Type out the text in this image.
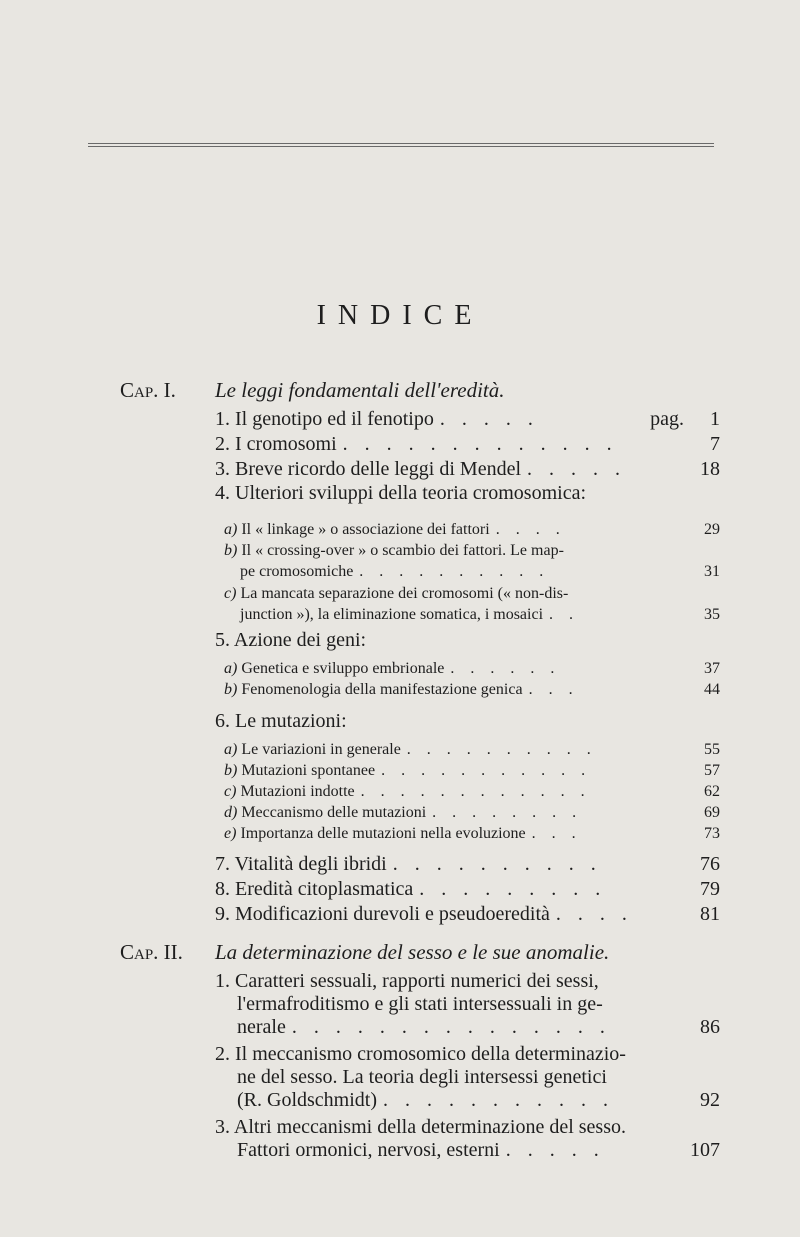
INDICE
Cap. I. Le leggi fondamentali dell'eredità.
1. Il genotipo ed il fenotipo . . . . .	pag.	1
2. I cromosomi . . . . . . . . . . . . .	7
3. Breve ricordo delle leggi di Mendel . . . . .	18
4. Ulteriori sviluppi della teoria cromosomica:
a) Il « linkage » o associazione dei fattori . . . .	29
b) Il « crossing-over » o scambio dei fattori. Le map-
pe cromosomiche . . . . . . . . . .	31
c) La mancata separazione dei cromosomi (« non-dis-
junction »), la eliminazione somatica, i mosaici . .	35
5. Azione dei geni:
a) Genetica e sviluppo embrionale . . . . . .	37
b) Fenomenologia della manifestazione genica . . .	44
6. Le mutazioni:
a) Le variazioni in generale . . . . . . . . . .	55
b) Mutazioni spontanee . . . . . . . . . . .	57
c) Mutazioni indotte . . . . . . . . . . . .	62
d) Meccanismo delle mutazioni . . . . . . . .	69
e) Importanza delle mutazioni nella evoluzione . . .	73
7. Vitalità degli ibridi . . . . . . . . . .	76
8. Eredità citoplasmatica . . . . . . . . .	79
9. Modificazioni durevoli e pseudoeredità . . . .	81
Cap. II. La determinazione del sesso e le sue anomalie.
1. Caratteri sessuali, rapporti numerici dei sessi,
l'ermafroditismo e gli stati intersessuali in ge-
nerale . . . . . . . . . . . . . . .	86
2. Il meccanismo cromosomico della determinazio-
ne del sesso. La teoria degli intersessi genetici
(R. Goldschmidt) . . . . . . . . . . .	92
3. Altri meccanismi della determinazione del sesso.
Fattori ormonici, nervosi, esterni . . . . .	107
